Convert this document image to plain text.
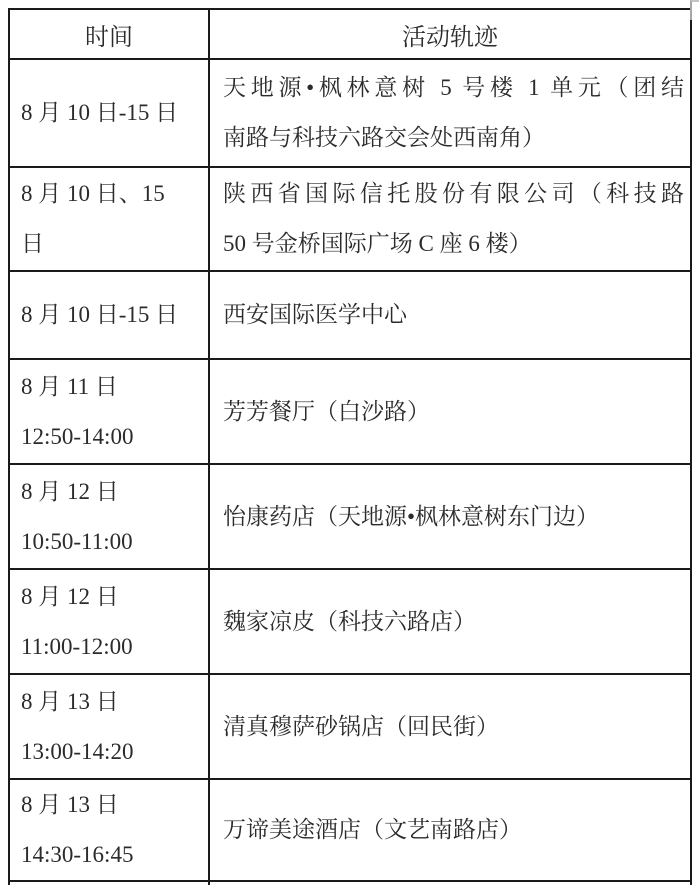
时间	活动轨迹

8 月 10 日-15 日

天地源•枫林意树 5 号楼 1 单元（团结
南路与科技六路交会处西南角）

8 月 10 日、15
日

陕西省国际信托股份有限公司（科技路
50 号金桥国际广场 C 座 6 楼）

8 月 10 日-15 日	西安国际医学中心

8 月 11 日
12:50-14:00

芳芳餐厅（白沙路）

8 月 12 日
10:50-11:00

怡康药店（天地源•枫林意树东门边）

8 月 12 日
11:00-12:00

魏家凉皮（科技六路店）

8 月 13 日
13:00-14:20

清真穆萨砂锅店（回民街）

8 月 13 日
14:30-16:45

万谛美途酒店（文艺南路店）
